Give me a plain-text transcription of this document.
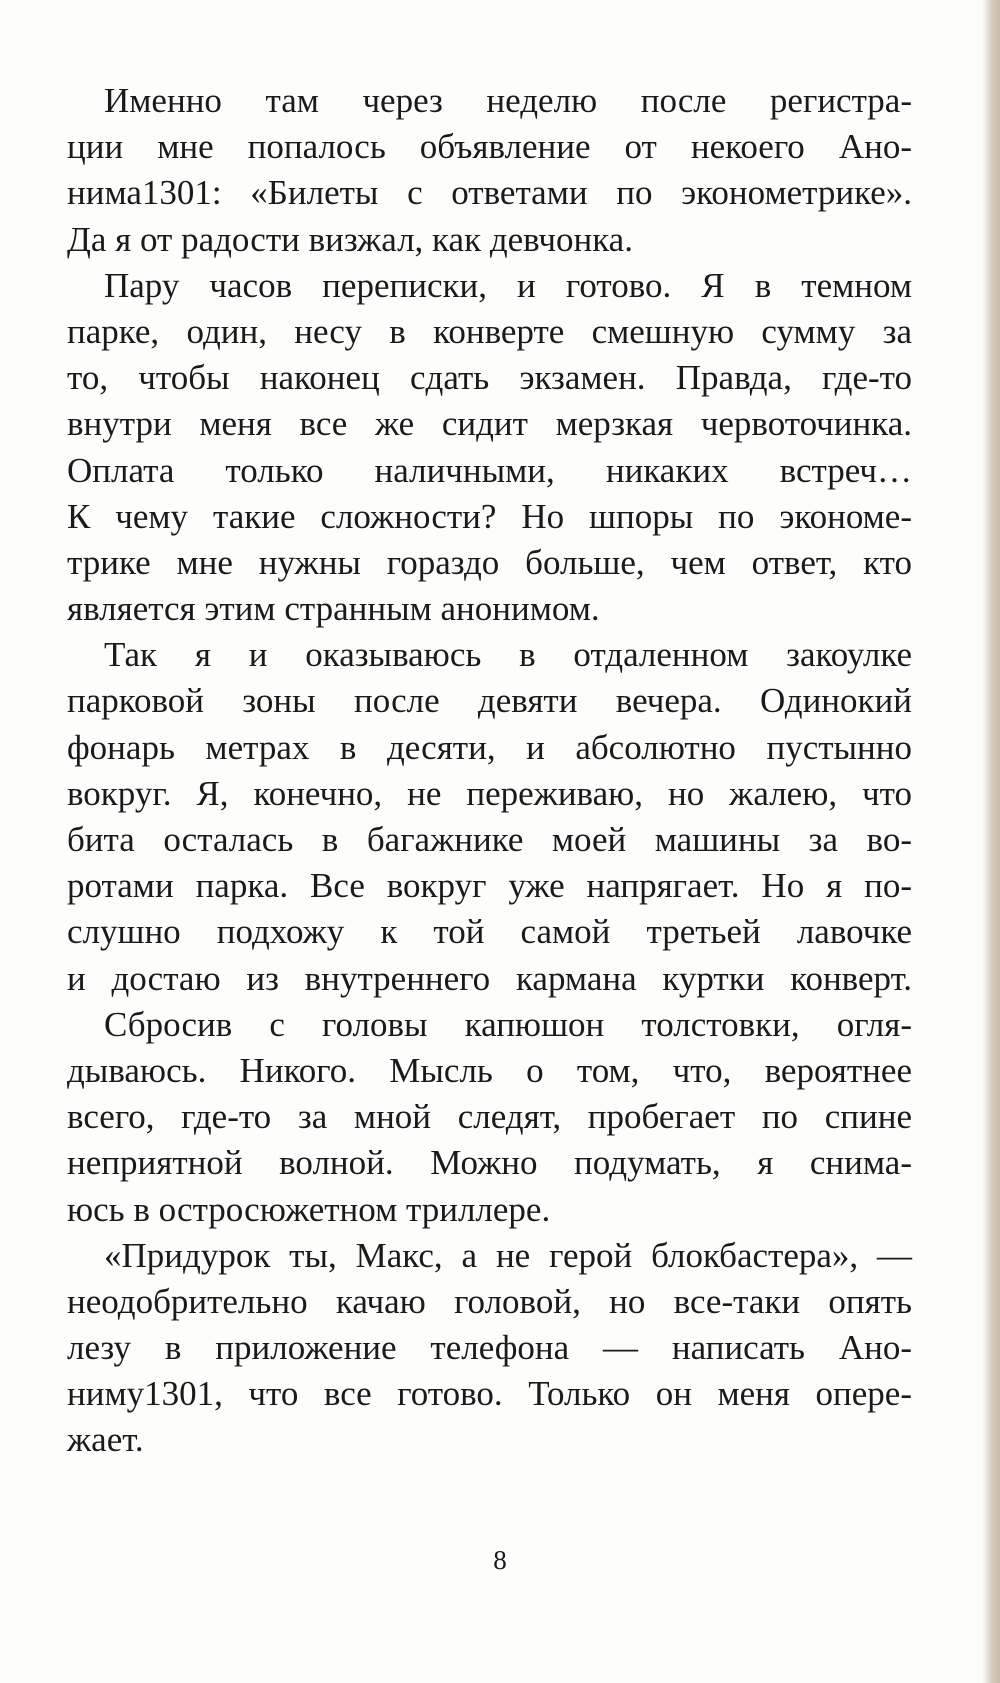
Именно там через неделю после регистра-
ции мне попалось объявление от некоего Ано-
нима1301: «Билеты с ответами по эконометрике».
Да я от радости визжал, как девчонка.
Пару часов переписки, и готово. Я в темном
парке, один, несу в конверте смешную сумму за
то, чтобы наконец сдать экзамен. Правда, где-то
внутри меня все же сидит мерзкая червоточинка.
Оплата только наличными, никаких встреч…
К чему такие сложности? Но шпоры по экономе-
трике мне нужны гораздо больше, чем ответ, кто
является этим странным анонимом.
Так я и оказываюсь в отдаленном закоулке
парковой зоны после девяти вечера. Одинокий
фонарь метрах в десяти, и абсолютно пустынно
вокруг. Я, конечно, не переживаю, но жалею, что
бита осталась в багажнике моей машины за во-
ротами парка. Все вокруг уже напрягает. Но я по-
слушно подхожу к той самой третьей лавочке
и достаю из внутреннего кармана куртки конверт.
Сбросив с головы капюшон толстовки, огля-
дываюсь. Никого. Мысль о том, что, вероятнее
всего, где-то за мной следят, пробегает по спине
неприятной волной. Можно подумать, я снима-
юсь в остросюжетном триллере.
«Придурок ты, Макс, а не герой блокбастера», —
неодобрительно качаю головой, но все-таки опять
лезу в приложение телефона — написать Ано-
ниму1301, что все готово. Только он меня опере-
жает.
8
